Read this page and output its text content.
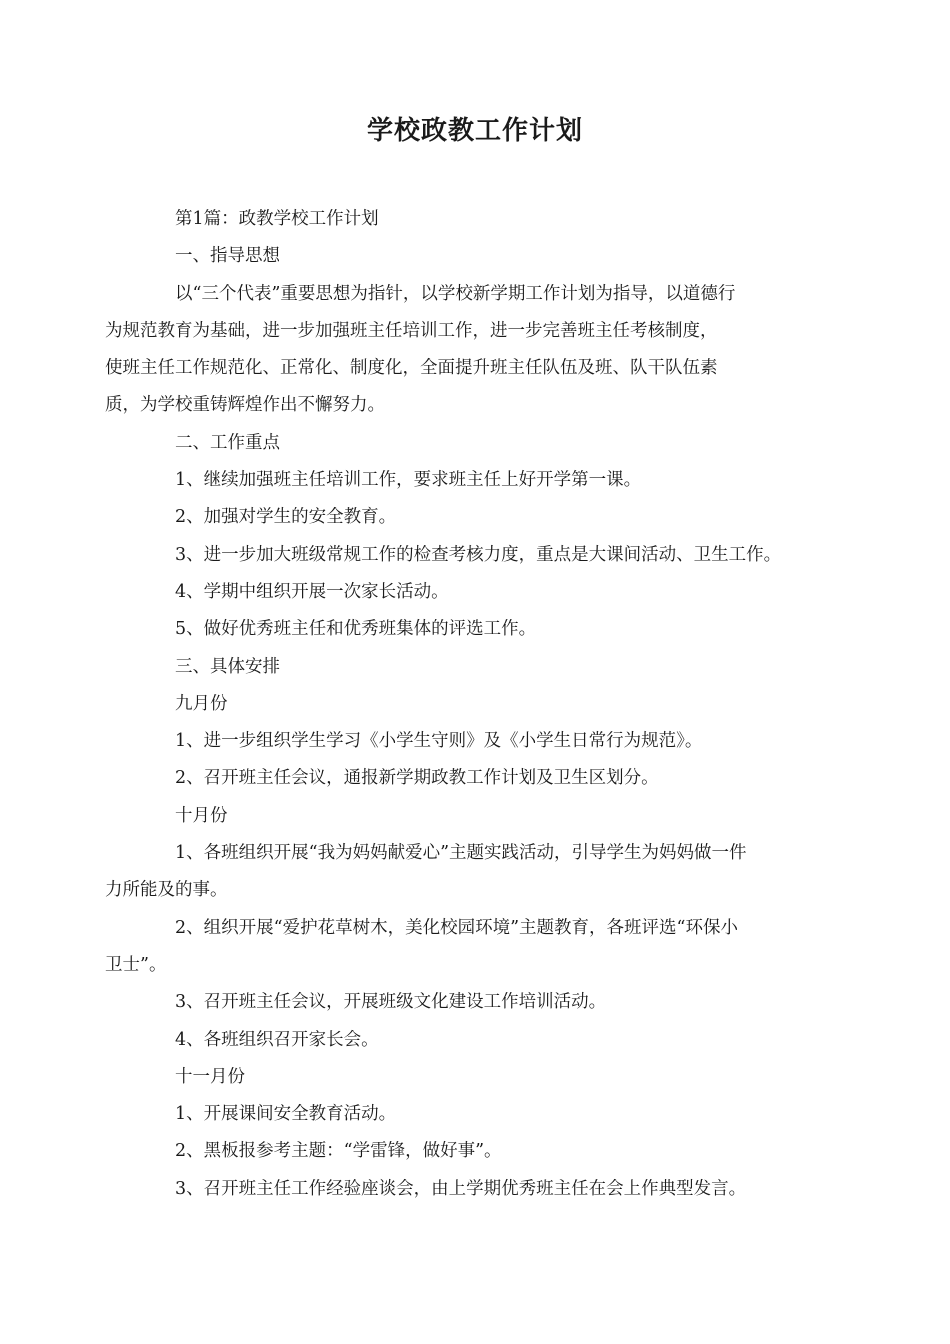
学校政教工作计划
第1篇：政教学校工作计划
一、指导思想
以“三个代表”重要思想为指针，以学校新学期工作计划为指导，以道德行
为规范教育为基础，进一步加强班主任培训工作，进一步完善班主任考核制度，
使班主任工作规范化、正常化、制度化，全面提升班主任队伍及班、队干队伍素
质，为学校重铸辉煌作出不懈努力。
二、工作重点
1、继续加强班主任培训工作，要求班主任上好开学第一课。
2、加强对学生的安全教育。
3、进一步加大班级常规工作的检查考核力度，重点是大课间活动、卫生工作。
4、学期中组织开展一次家长活动。
5、做好优秀班主任和优秀班集体的评选工作。
三、具体安排
九月份
1、进一步组织学生学习《小学生守则》及《小学生日常行为规范》。
2、召开班主任会议，通报新学期政教工作计划及卫生区划分。
十月份
1、各班组织开展“我为妈妈献爱心”主题实践活动，引导学生为妈妈做一件
力所能及的事。
2、组织开展“爱护花草树木，美化校园环境”主题教育，各班评选“环保小
卫士”。
3、召开班主任会议，开展班级文化建设工作培训活动。
4、各班组织召开家长会。
十一月份
1、开展课间安全教育活动。
2、黑板报参考主题：“学雷锋，做好事”。
3、召开班主任工作经验座谈会，由上学期优秀班主任在会上作典型发言。
